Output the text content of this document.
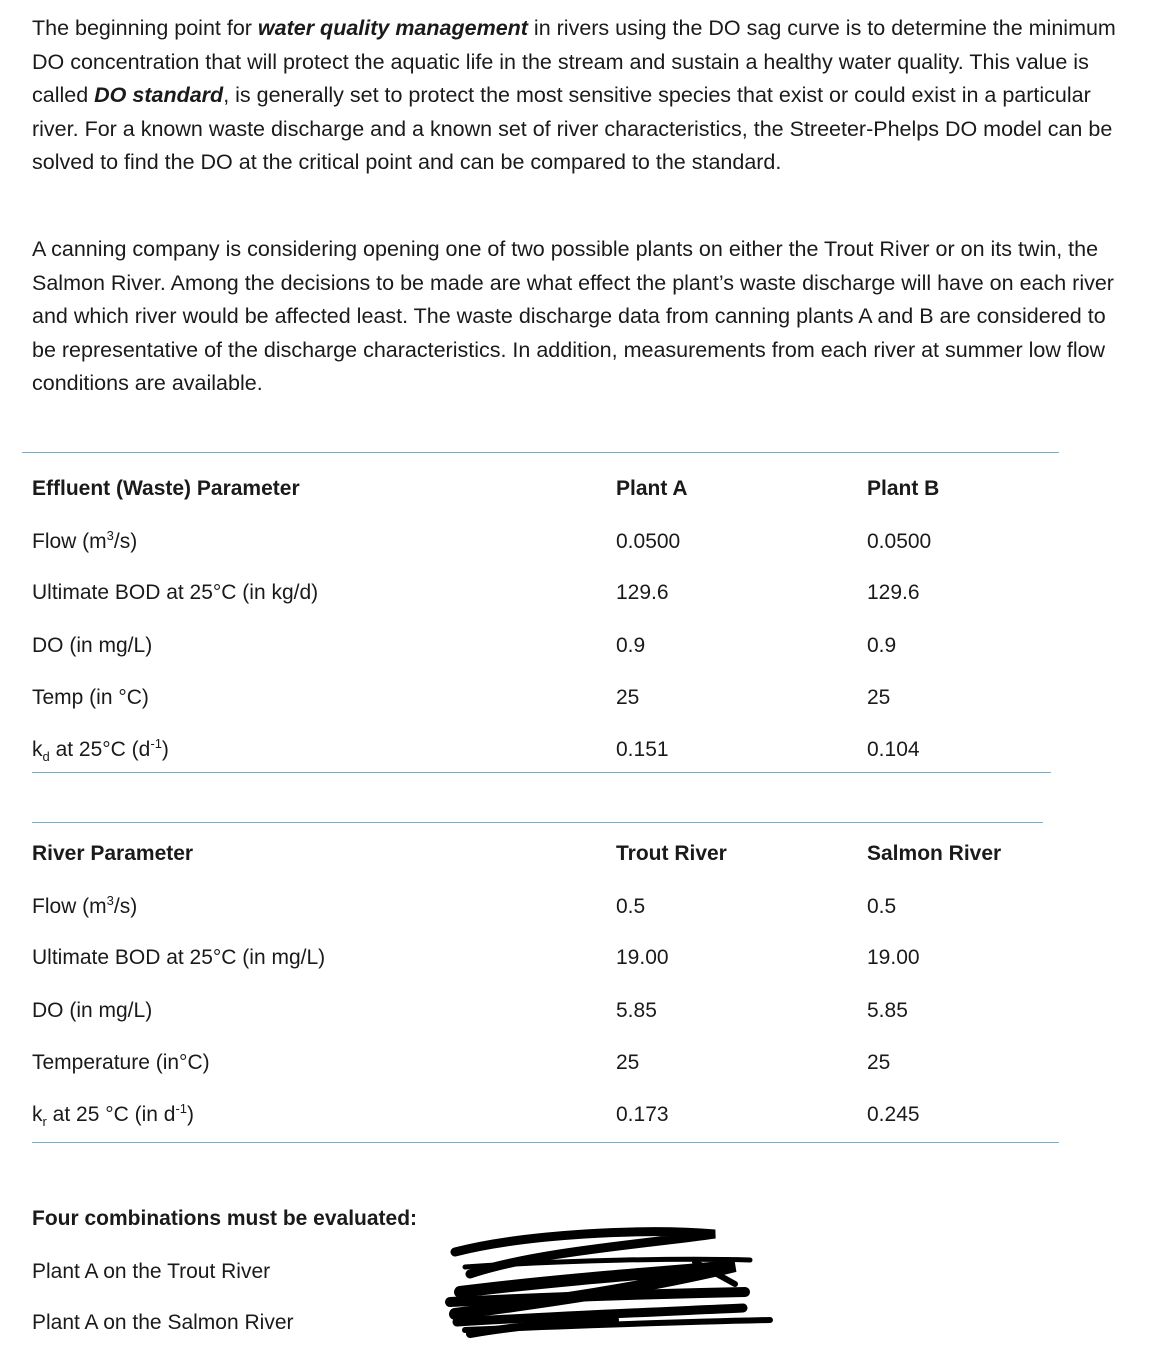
The beginning point for water quality management in rivers using the DO sag curve is to determine the minimum DO concentration that will protect the aquatic life in the stream and sustain a healthy water quality. This value is called DO standard, is generally set to protect the most sensitive species that exist or could exist in a particular river. For a known waste discharge and a known set of river characteristics, the Streeter-Phelps DO model can be solved to find the DO at the critical point and can be compared to the standard.

A canning company is considering opening one of two possible plants on either the Trout River or on its twin, the Salmon River. Among the decisions to be made are what effect the plant’s waste discharge will have on each river and which river would be affected least. The waste discharge data from canning plants A and B are considered to be representative of the discharge characteristics. In addition, measurements from each river at summer low flow conditions are available.

Effluent (Waste) Parameter	Plant A	Plant B
Flow $(m^3/s)$	0.0500	0.0500
Ultimate BOD at 25°C (in kg/d)	129.6	129.6
DO (in mg/L)	0.9	0.9
Temp (in °C)	25	25
$k_d$ at 25°C $(d^{-1})$	0.151	0.104
River Parameter	Trout River	Salmon River
Flow $(m^3/s)$	0.5	0.5
Ultimate BOD at 25°C (in mg/L)	19.00	19.00
DO (in mg/L)	5.85	5.85
Temperature (in°C)	25	25
$k_r$ at 25 °C (in $d^{-1}$)	0.173	0.245
Four combinations must be evaluated:
Plant A on the Trout River
Plant A on the Salmon River
